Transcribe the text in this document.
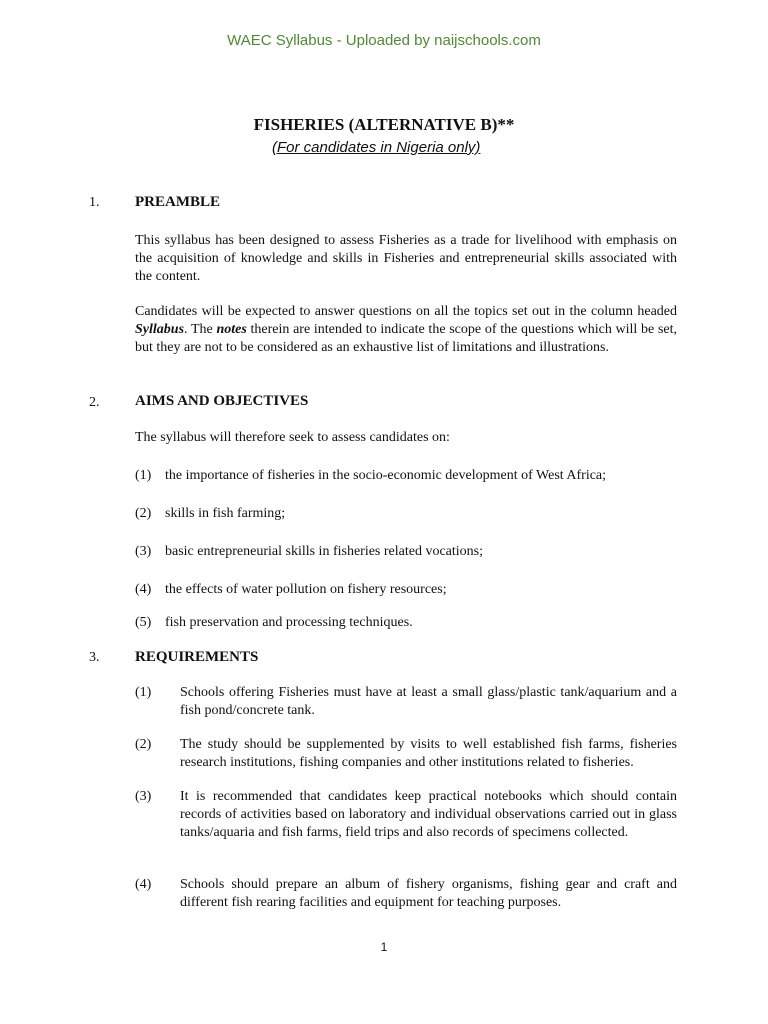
WAEC Syllabus - Uploaded by naijschools.com
FISHERIES (ALTERNATIVE B)**
(For candidates in Nigeria only)
1. PREAMBLE
This syllabus has been designed to assess Fisheries as a trade for livelihood with emphasis on the acquisition of knowledge and skills in Fisheries and entrepreneurial skills associated with the content.
Candidates will be expected to answer questions on all the topics set out in the column headed Syllabus. The notes therein are intended to indicate the scope of the questions which will be set, but they are not to be considered as an exhaustive list of limitations and illustrations.
2. AIMS AND OBJECTIVES
The syllabus will therefore seek to assess candidates on:
(1) the importance of fisheries in the socio-economic development of West Africa;
(2) skills in fish farming;
(3) basic entrepreneurial skills in fisheries related vocations;
(4) the effects of water pollution on fishery resources;
(5) fish preservation and processing techniques.
3. REQUIREMENTS
(1) Schools offering Fisheries must have at least a small glass/plastic tank/aquarium and a fish pond/concrete tank.
(2) The study should be supplemented by visits to well established fish farms, fisheries research institutions, fishing companies and other institutions related to fisheries.
(3) It is recommended that candidates keep practical notebooks which should contain records of activities based on laboratory and individual observations carried out in glass tanks/aquaria and fish farms, field trips and also records of specimens collected.
(4) Schools should prepare an album of fishery organisms, fishing gear and craft and different fish rearing facilities and equipment for teaching purposes.
1
